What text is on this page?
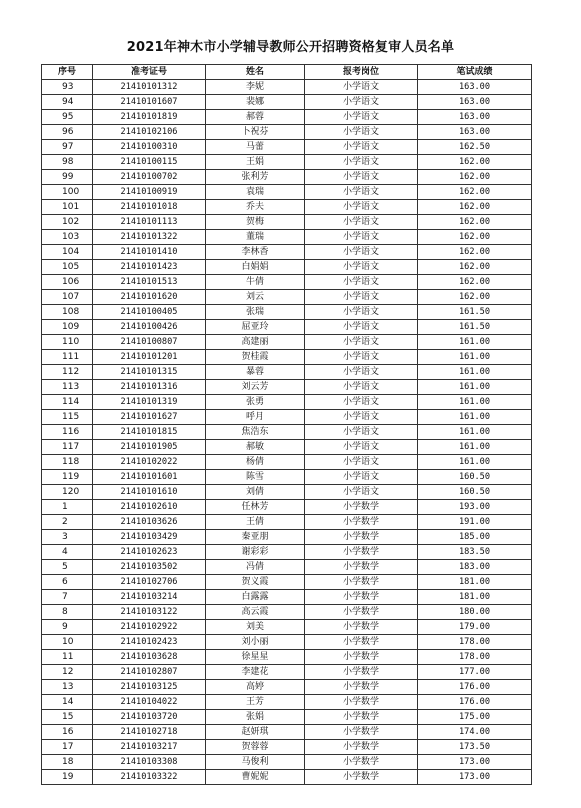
2021年神木市小学辅导教师公开招聘资格复审人员名单
序号	准考证号	姓名	报考岗位	笔试成绩
93	21410101312	李妮	小学语文	163.00
94	21410101607	裴娜	小学语文	163.00
95	21410101819	郝蓉	小学语文	163.00
96	21410102106	卜祝芬	小学语文	163.00
97	21410100310	马蕾	小学语文	162.50
98	21410100115	王娟	小学语文	162.00
99	21410100702	张利芳	小学语文	162.00
100	21410100919	袁瑞	小学语文	162.00
101	21410101018	乔夫	小学语文	162.00
102	21410101113	贺梅	小学语文	162.00
103	21410101322	董瑞	小学语文	162.00
104	21410101410	李林香	小学语文	162.00
105	21410101423	白娟娟	小学语文	162.00
106	21410101513	牛倩	小学语文	162.00
107	21410101620	刘云	小学语文	162.00
108	21410100405	张瑞	小学语文	161.50
109	21410100426	屈亚玲	小学语文	161.50
110	21410100807	高建丽	小学语文	161.00
111	21410101201	贺桂霞	小学语文	161.00
112	21410101315	暴蓉	小学语文	161.00
113	21410101316	刘云芳	小学语文	161.00
114	21410101319	张勇	小学语文	161.00
115	21410101627	呼月	小学语文	161.00
116	21410101815	焦浩东	小学语文	161.00
117	21410101905	郝敏	小学语文	161.00
118	21410102022	杨倩	小学语文	161.00
119	21410101601	陈雪	小学语文	160.50
120	21410101610	刘倩	小学语文	160.50
1	21410102610	任林芳	小学数学	193.00
2	21410103626	王倩	小学数学	191.00
3	21410103429	秦亚朋	小学数学	185.00
4	21410102623	谢彩彩	小学数学	183.50
5	21410103502	冯倩	小学数学	183.00
6	21410102706	贺义霞	小学数学	181.00
7	21410103214	白露露	小学数学	181.00
8	21410103122	高云霞	小学数学	180.00
9	21410102922	刘美	小学数学	179.00
10	21410102423	刘小丽	小学数学	178.00
11	21410103628	徐星星	小学数学	178.00
12	21410102807	李建花	小学数学	177.00
13	21410103125	高婷	小学数学	176.00
14	21410104022	王芳	小学数学	176.00
15	21410103720	张娟	小学数学	175.00
16	21410102718	赵妍琪	小学数学	174.00
17	21410103217	贺蓉蓉	小学数学	173.50
18	21410103308	马俊利	小学数学	173.00
19	21410103322	曹妮妮	小学数学	173.00
